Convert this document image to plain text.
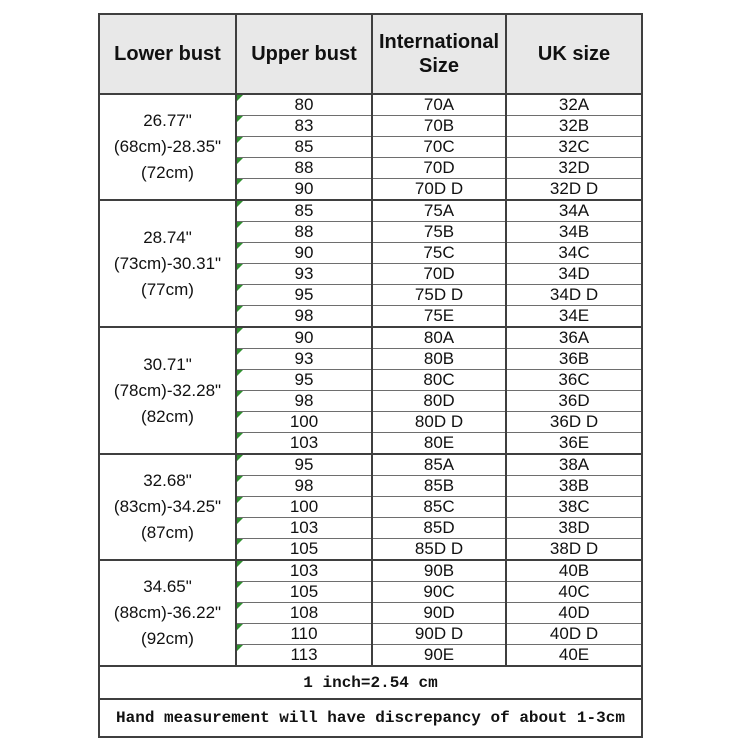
Lower bust	Upper bust	International Size	UK size
26.77"(68cm)-28.35"(72cm)	80	70A	32A

83	70B	32B

85	70C	32C

88	70D	32D

90	70D D	32D D
28.74"(73cm)-30.31"(77cm)	85	75A	34A

88	75B	34B

90	75C	34C

93	70D	34D

95	75D D	34D D

98	75E	34E
30.71"(78cm)-32.28"(82cm)	90	80A	36A

93	80B	36B

95	80C	36C

98	80D	36D

100	80D D	36D D

103	80E	36E
32.68"(83cm)-34.25"(87cm)	95	85A	38A

98	85B	38B

100	85C	38C

103	85D	38D

105	85D D	38D D
34.65"(88cm)-36.22"(92cm)	103	90B	40B

105	90C	40C

108	90D	40D

110	90D D	40D D

113	90E	40E
1 inch=2.54 cm			
Hand measurement will have discrepancy of about 1-3cm			
